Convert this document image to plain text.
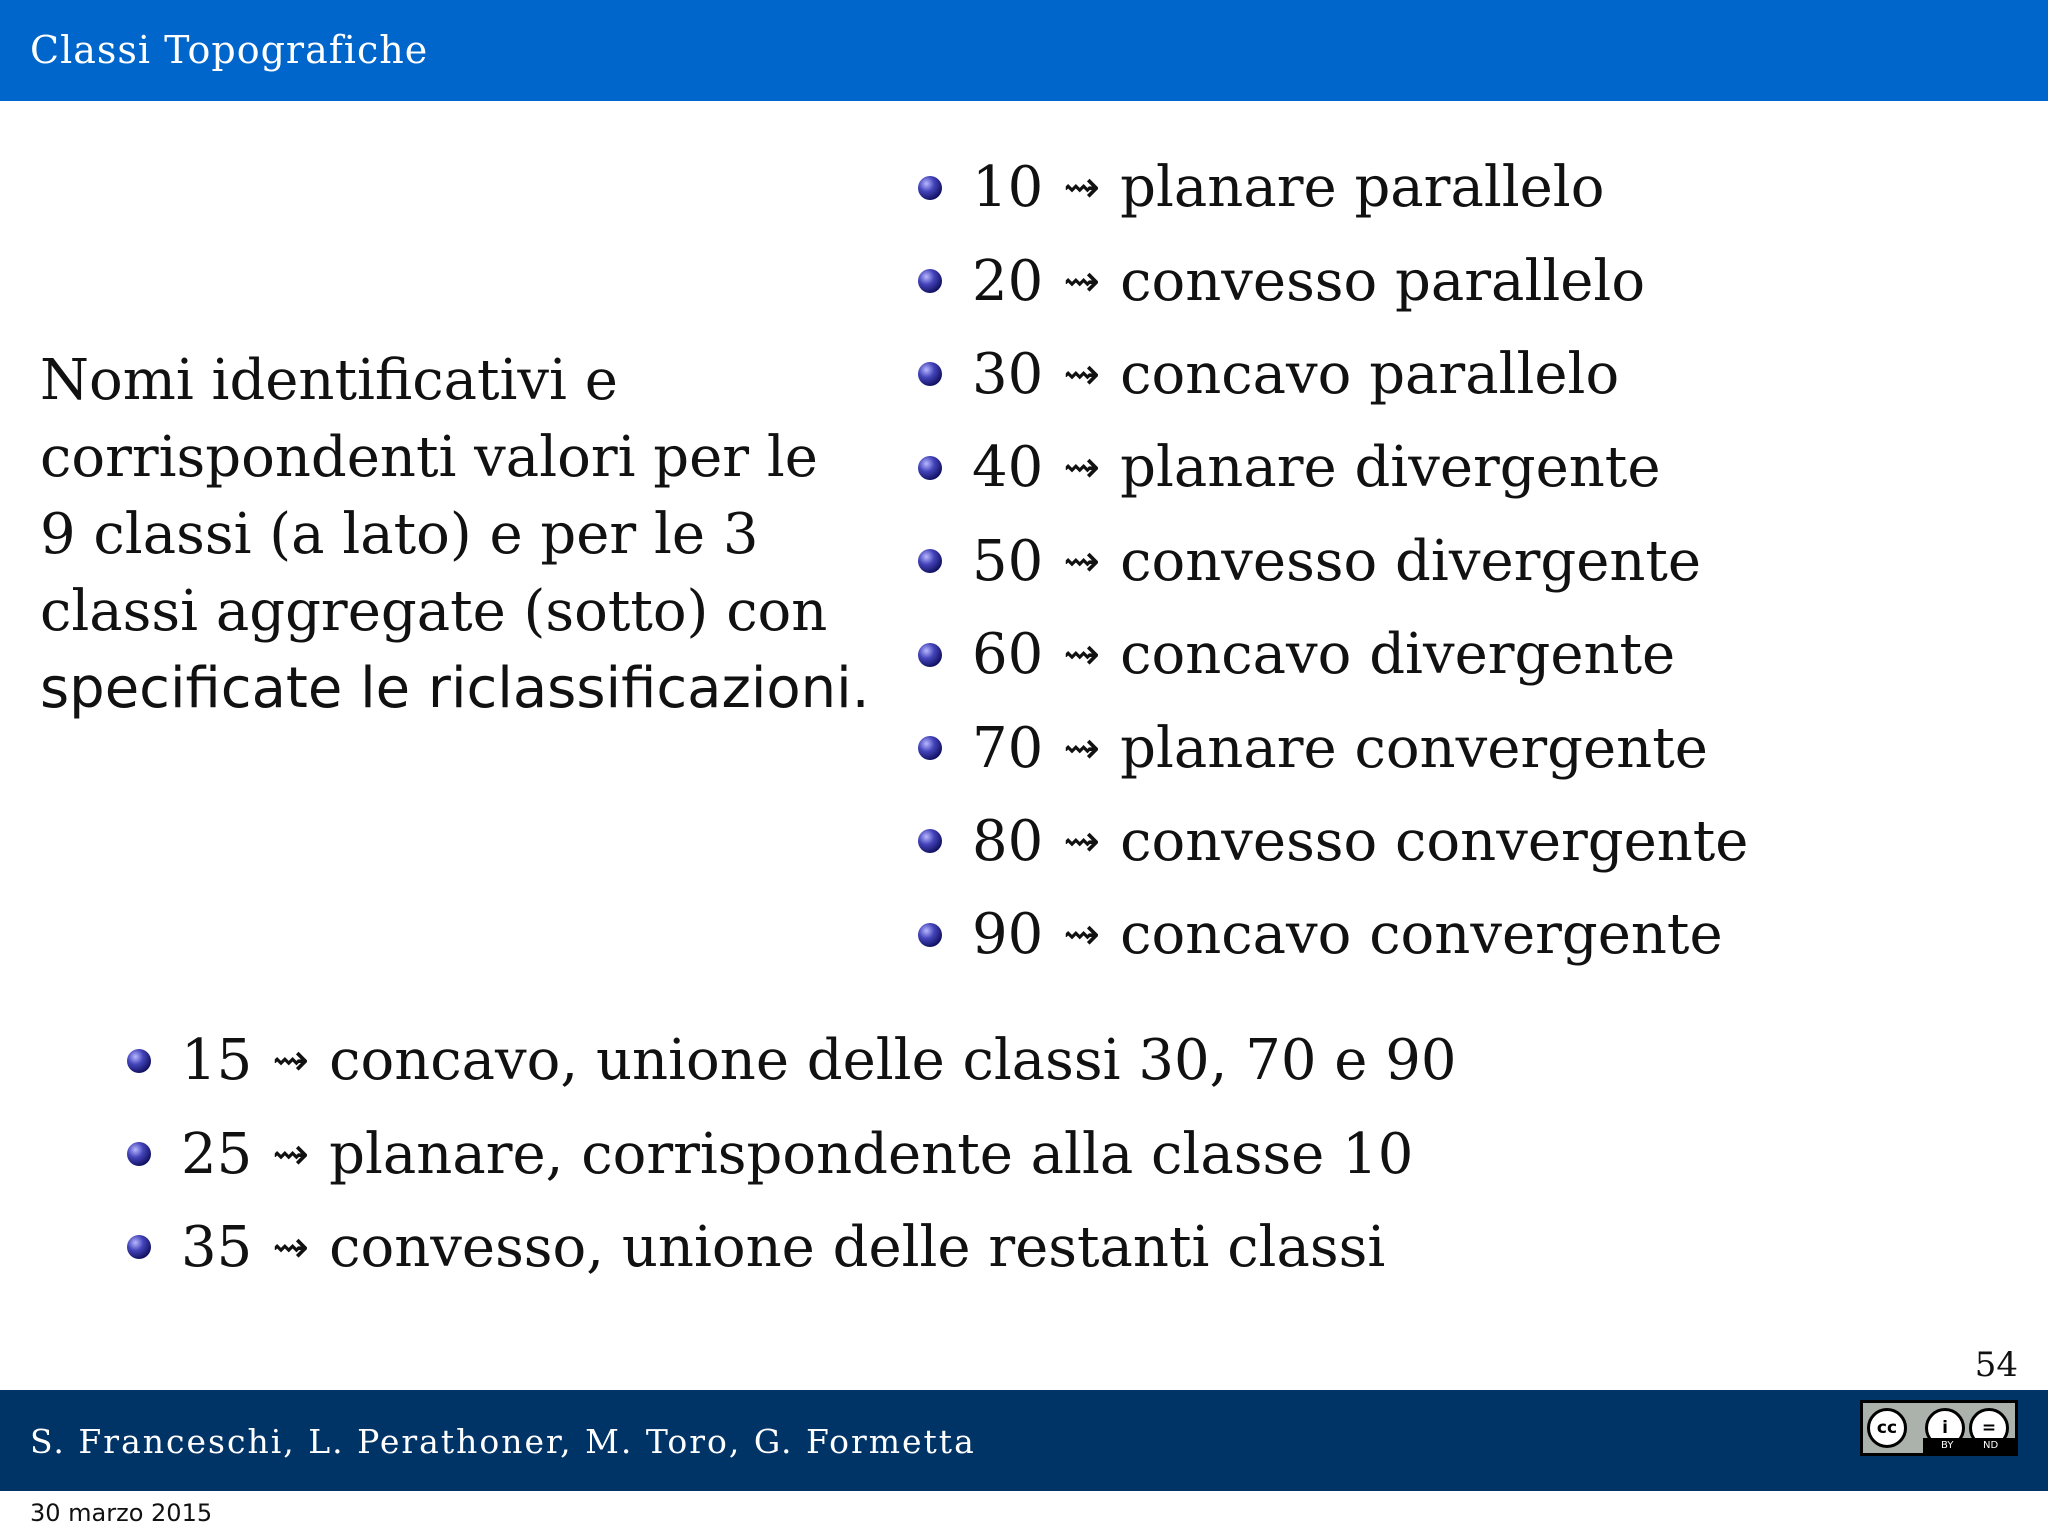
Classi Topografiche
Nomi identificativi e
corrispondenti valori per le
9 classi (a lato) e per le 3
classi aggregate (sotto) con
specificate le riclassificazioni.
10 ⇝ planare parallelo
20 ⇝ convesso parallelo
30 ⇝ concavo parallelo
40 ⇝ planare divergente
50 ⇝ convesso divergente
60 ⇝ concavo divergente
70 ⇝ planare convergente
80 ⇝ convesso convergente
90 ⇝ concavo convergente
15 ⇝ concavo, unione delle classi 30, 70 e 90
25 ⇝ planare, corrispondente alla classe 10
35 ⇝ convesso, unione delle restanti classi
54
S. Franceschi, L. Perathoner, M. Toro, G. Formetta	cc	i	=
BY	ND
30 marzo 2015
